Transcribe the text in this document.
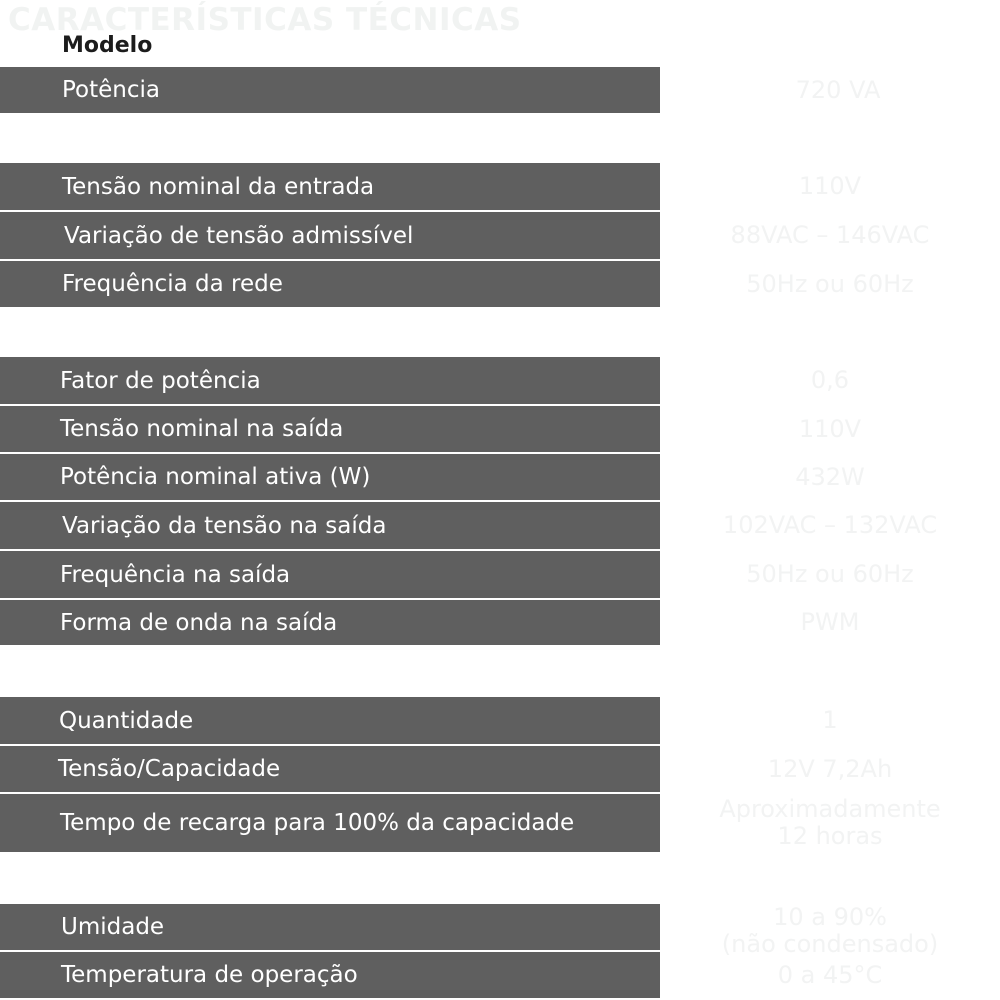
CARACTERÍSTICAS TÉCNICAS
Modelo
Potência	720 VA
Tensão nominal da entrada	110V
Variação de tensão admissível	88VAC – 146VAC
Frequência da rede	50Hz ou 60Hz
Fator de potência	0,6
Tensão nominal na saída	110V
Potência nominal ativa (W)	432W
Variação da tensão na saída	102VAC – 132VAC
Frequência na saída	50Hz ou 60Hz
Forma de onda na saída	PWM
Quantidade	1
Tensão/Capacidade	12V 7,2Ah
Tempo de recarga para 100% da capacidade	Aproximadamente
12 horas
Umidade	10 a 90%
(não condensado)
Temperatura de operação	0 a 45°C
